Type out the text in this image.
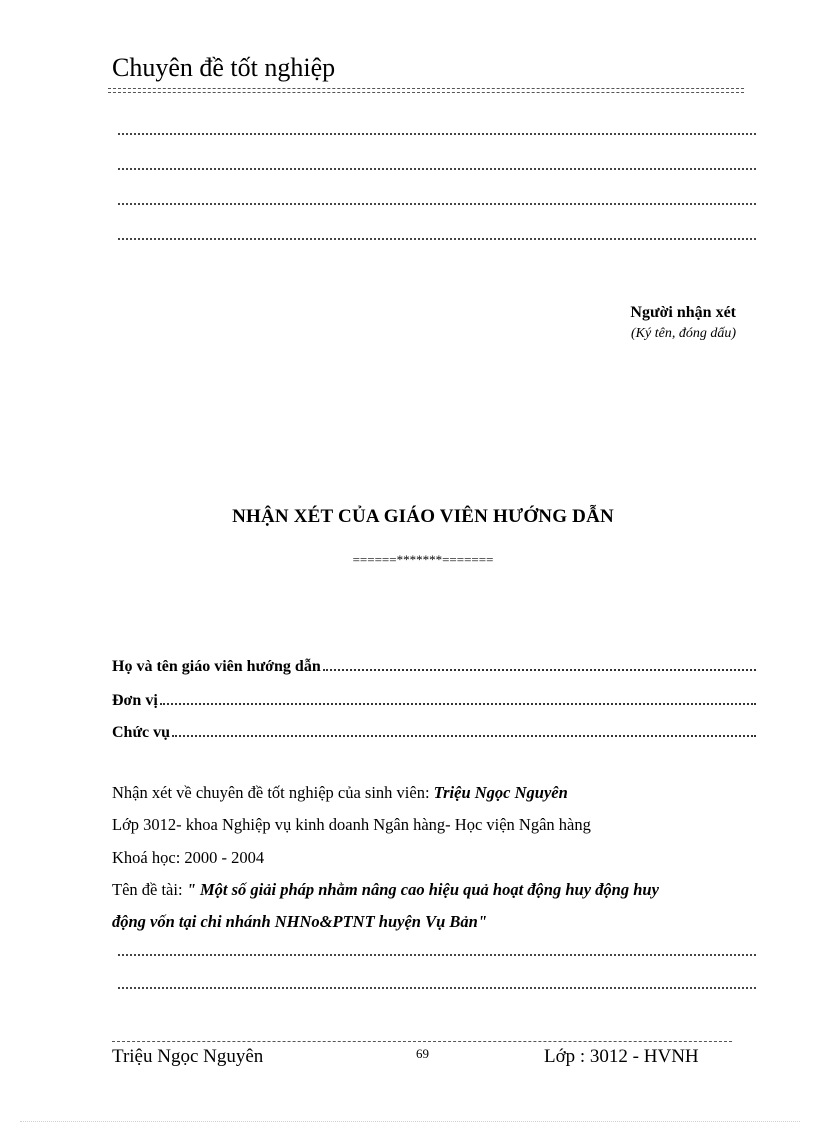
Chuyên đề tốt nghiệp
Người nhận xét
(Ký tên, đóng dấu)
NHẬN XÉT CỦA GIÁO VIÊN HƯỚNG DẪN
======*******=======
Họ và tên giáo viên hướng dẫn
Đơn vị
Chức vụ
Nhận xét về chuyên đề tốt nghiệp của sinh viên: Triệu Ngọc Nguyên
Lớp 3012- khoa Nghiệp vụ kinh doanh Ngân hàng- Học viện Ngân hàng
Khoá học: 2000 - 2004
Tên đề tài: " Một số giải pháp nhằm nâng cao hiệu quả hoạt động huy động huy
động vốn tại chi nhánh NHNo&PTNT huyện Vụ Bản"
Triệu Ngọc Nguyên	69	Lớp : 3012 - HVNH
